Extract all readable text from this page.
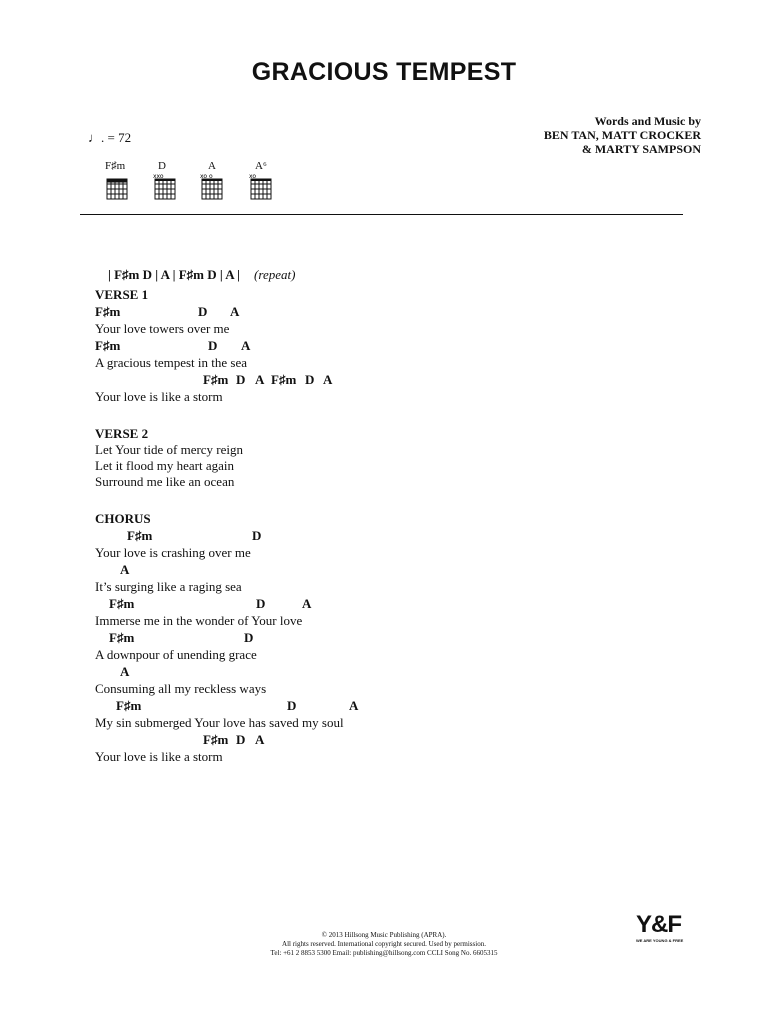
GRACIOUS TEMPEST
Words and Music by
BEN TAN, MATT CROCKER
& MARTY SAMPSON
♩. = 72
F♯m	D	A	A⁶
xxo	xo o	xo

| F♯m D | A | F♯m D | A | (repeat)

VERSE 1

F♯m

	D

A

Your love towers over me

F♯m

	D

A

A gracious tempest in the sea

F♯m

D

A

F♯m

D

A

Your love is like a storm
VERSE 2
Let Your tide of mercy reign
Let it flood my heart again
Surround me like an ocean
CHORUS

F♯m

	D

Your love is crashing over me

A

It’s surging like a raging sea

F♯m

	D

	A

Immerse me in the wonder of Your love

F♯m

	D

A downpour of unending grace

A

Consuming all my reckless ways

F♯m

	D

	A

My sin submerged Your love has saved my soul

F♯m

D

A

Your love is like a storm
© 2013 Hillsong Music Publishing (APRA).
All rights reserved. International copyright secured. Used by permission.
Tel: +61 2 8853 5300 Email: publishing@hillsong.com CCLI Song No. 6605315
Y&F
WE ARE YOUNG & FREE
